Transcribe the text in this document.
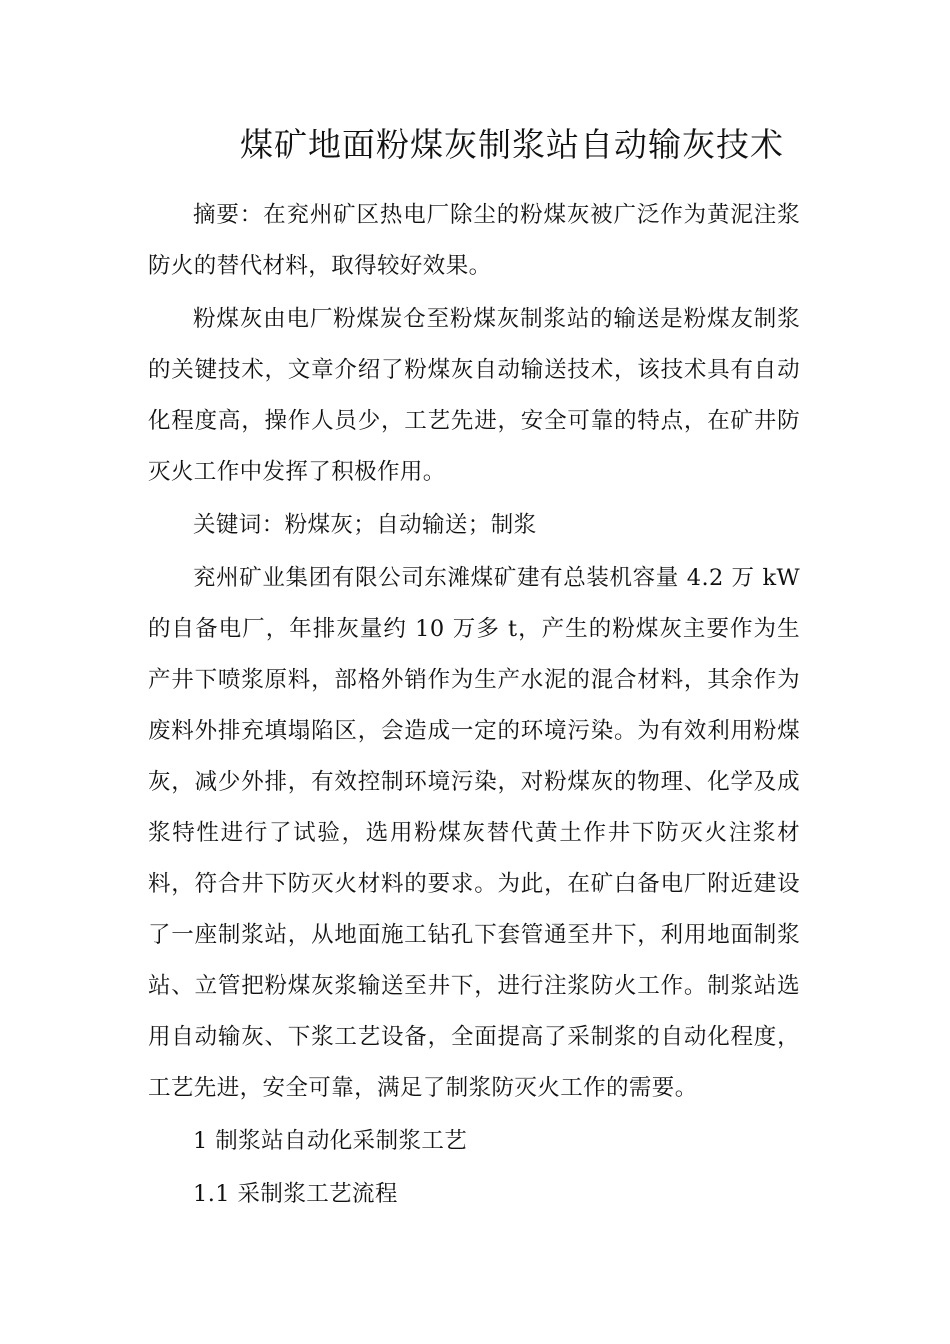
煤矿地面粉煤灰制浆站自动输灰技术

摘要：在兖州矿区热电厂除尘的粉煤灰被广泛作为黄泥注浆防火的替代材料，取得较好效果。

粉煤灰由电厂粉煤炭仓至粉煤灰制浆站的输送是粉煤友制浆的关键技术，文章介绍了粉煤灰自动输送技术，该技术具有自动化程度高，操作人员少，工艺先进，安全可靠的特点，在矿井防灭火工作中发挥了积极作用。

关键词：粉煤灰；自动输送；制浆

兖州矿业集团有限公司东滩煤矿建有总装机容量 4.2 万 kW 的自备电厂，年排灰量约 10 万多 t，产生的粉煤灰主要作为生产井下喷浆原料，部格外销作为生产水泥的混合材料，其余作为废料外排充填塌陷区，会造成一定的环境污染。为有效利用粉煤灰，减少外排，有效控制环境污染，对粉煤灰的物理、化学及成浆特性进行了试验，选用粉煤灰替代黄土作井下防灭火注浆材料，符合井下防灭火材料的要求。为此，在矿白备电厂附近建设了一座制浆站，从地面施工钻孔下套管通至井下，利用地面制浆站、立管把粉煤灰浆输送至井下，进行注浆防火工作。制浆站选用自动输灰、下浆工艺设备，全面提高了采制浆的自动化程度，工艺先进，安全可靠，满足了制浆防灭火工作的需要。

1 制浆站自动化采制浆工艺

1.1 采制浆工艺流程
